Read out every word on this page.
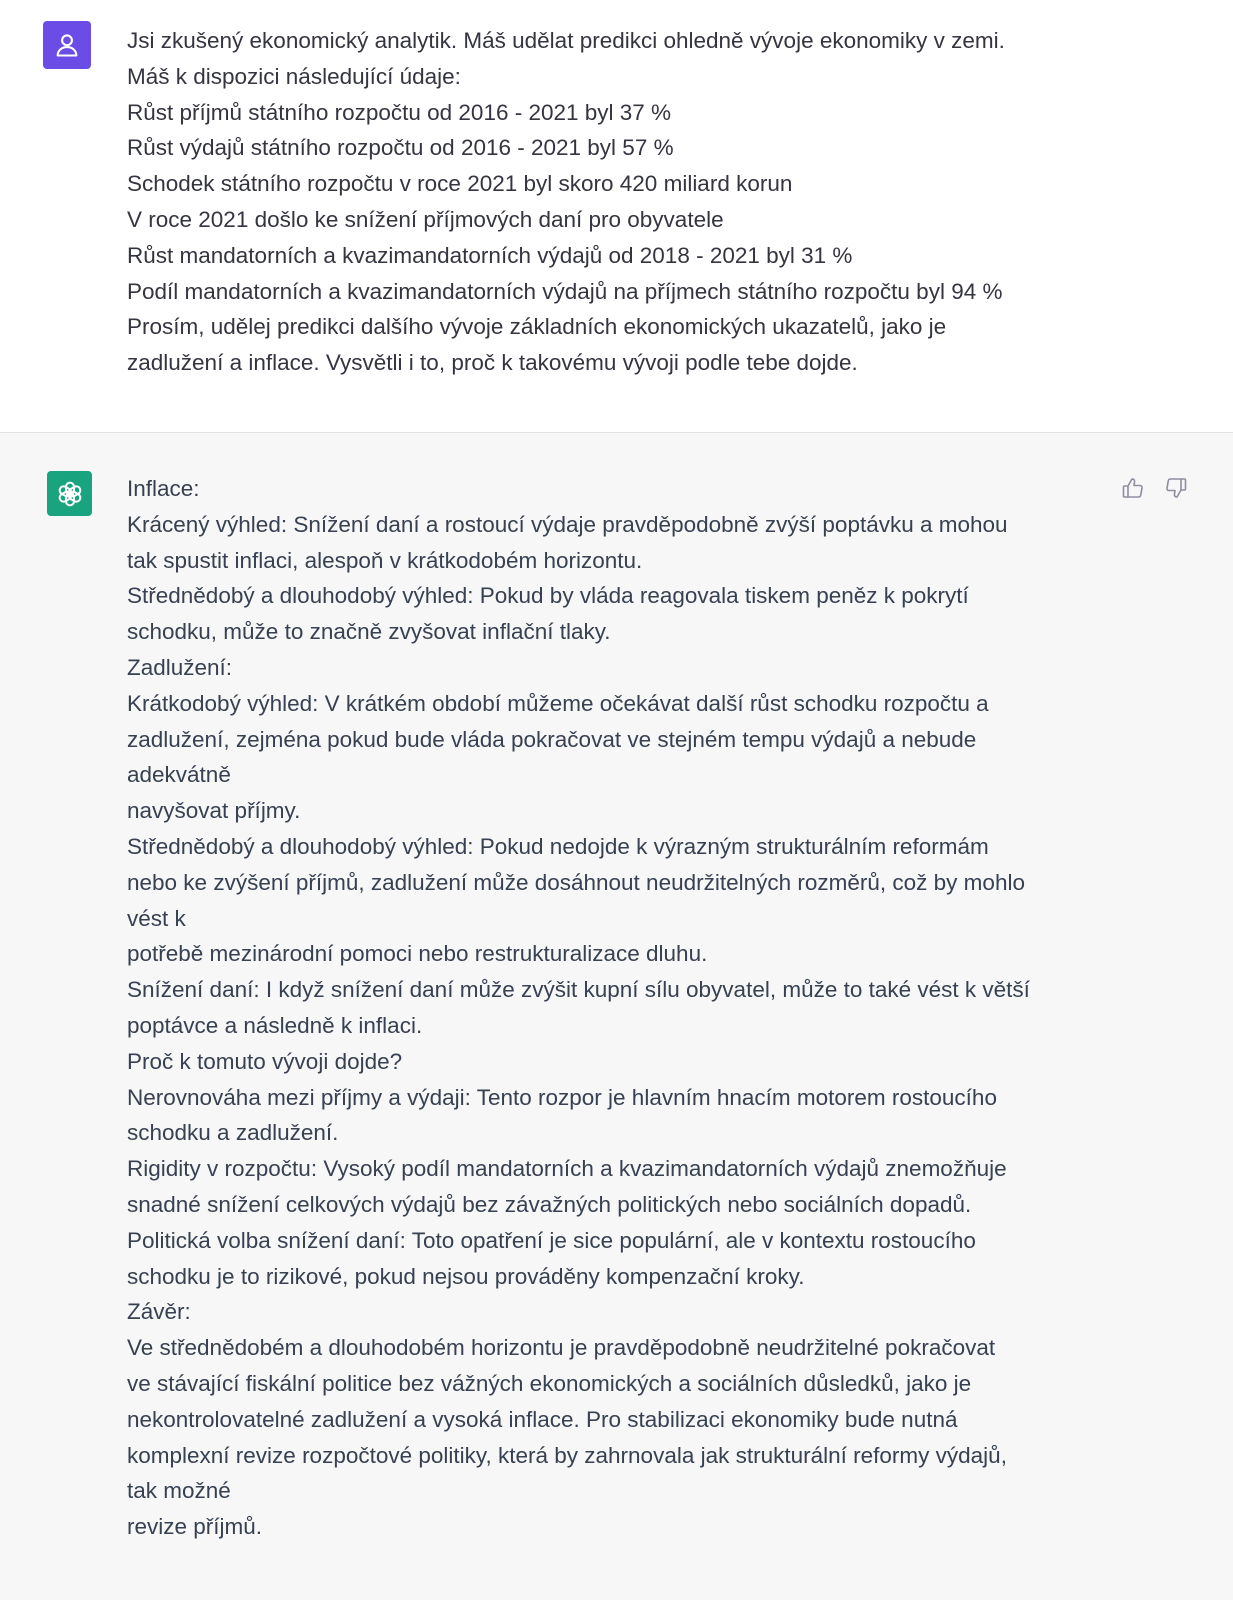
Jsi zkušený ekonomický analytik. Máš udělat predikci ohledně vývoje ekonomiky v zemi.
Máš k dispozici následující údaje:
Růst příjmů státního rozpočtu od 2016 - 2021 byl 37 %
Růst výdajů státního rozpočtu od 2016 - 2021 byl 57 %
Schodek státního rozpočtu v roce 2021 byl skoro 420 miliard korun
V roce 2021 došlo ke snížení příjmových daní pro obyvatele
Růst mandatorních a kvazimandatorních výdajů od 2018 - 2021 byl 31 %
Podíl mandatorních a kvazimandatorních výdajů na příjmech státního rozpočtu byl 94 %
Prosím, udělej predikci dalšího vývoje základních ekonomických ukazatelů, jako je
zadlužení a inflace. Vysvětli i to, proč k takovému vývoji podle tebe dojde.
Inflace:
Krácený výhled: Snížení daní a rostoucí výdaje pravděpodobně zvýší poptávku a mohou
tak spustit inflaci, alespoň v krátkodobém horizontu.
Střednědobý a dlouhodobý výhled: Pokud by vláda reagovala tiskem peněz k pokrytí
schodku, může to značně zvyšovat inflační tlaky.
Zadlužení:
Krátkodobý výhled: V krátkém období můžeme očekávat další růst schodku rozpočtu a
zadlužení, zejména pokud bude vláda pokračovat ve stejném tempu výdajů a nebude
adekvátně
navyšovat příjmy.
Střednědobý a dlouhodobý výhled: Pokud nedojde k výrazným strukturálním reformám
nebo ke zvýšení příjmů, zadlužení může dosáhnout neudržitelných rozměrů, což by mohlo
vést k
potřebě mezinárodní pomoci nebo restrukturalizace dluhu.
Snížení daní: I když snížení daní může zvýšit kupní sílu obyvatel, může to také vést k větší
poptávce a následně k inflaci.
Proč k tomuto vývoji dojde?
Nerovnováha mezi příjmy a výdaji: Tento rozpor je hlavním hnacím motorem rostoucího
schodku a zadlužení.
Rigidity v rozpočtu: Vysoký podíl mandatorních a kvazimandatorních výdajů znemožňuje
snadné snížení celkových výdajů bez závažných politických nebo sociálních dopadů.
Politická volba snížení daní: Toto opatření je sice populární, ale v kontextu rostoucího
schodku je to rizikové, pokud nejsou prováděny kompenzační kroky.
Závěr:
Ve střednědobém a dlouhodobém horizontu je pravděpodobně neudržitelné pokračovat
ve stávající fiskální politice bez vážných ekonomických a sociálních důsledků, jako je
nekontrolovatelné zadlužení a vysoká inflace. Pro stabilizaci ekonomiky bude nutná
komplexní revize rozpočtové politiky, která by zahrnovala jak strukturální reformy výdajů,
tak možné
revize příjmů.
